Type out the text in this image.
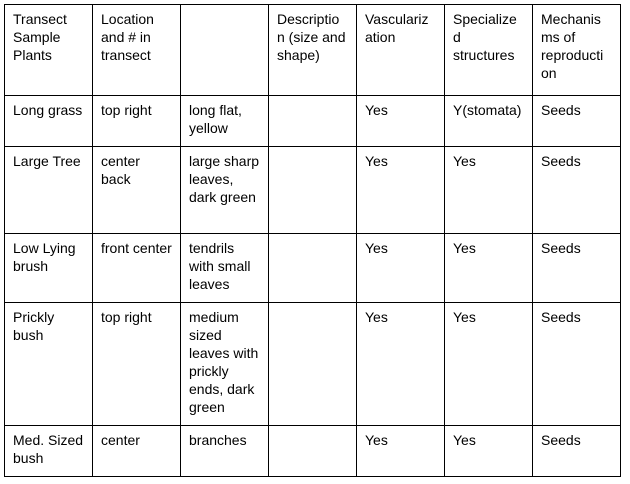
Transect Sample Plants	Location and # in transect		Descriptio n (size and shape)	Vasculariz ation	Specialize d structures	Mechanis ms of reproducti on
Long grass	top right	long flat, yellow		Yes	Y(stomata)	Seeds
Large Tree	center back	large sharp leaves, dark green		Yes	Yes	Seeds
Low Lying brush	front center	tendrils with small leaves		Yes	Yes	Seeds
Prickly bush	top right	medium sized leaves with prickly ends, dark green		Yes	Yes	Seeds
Med. Sized bush	center	branches		Yes	Yes	Seeds
